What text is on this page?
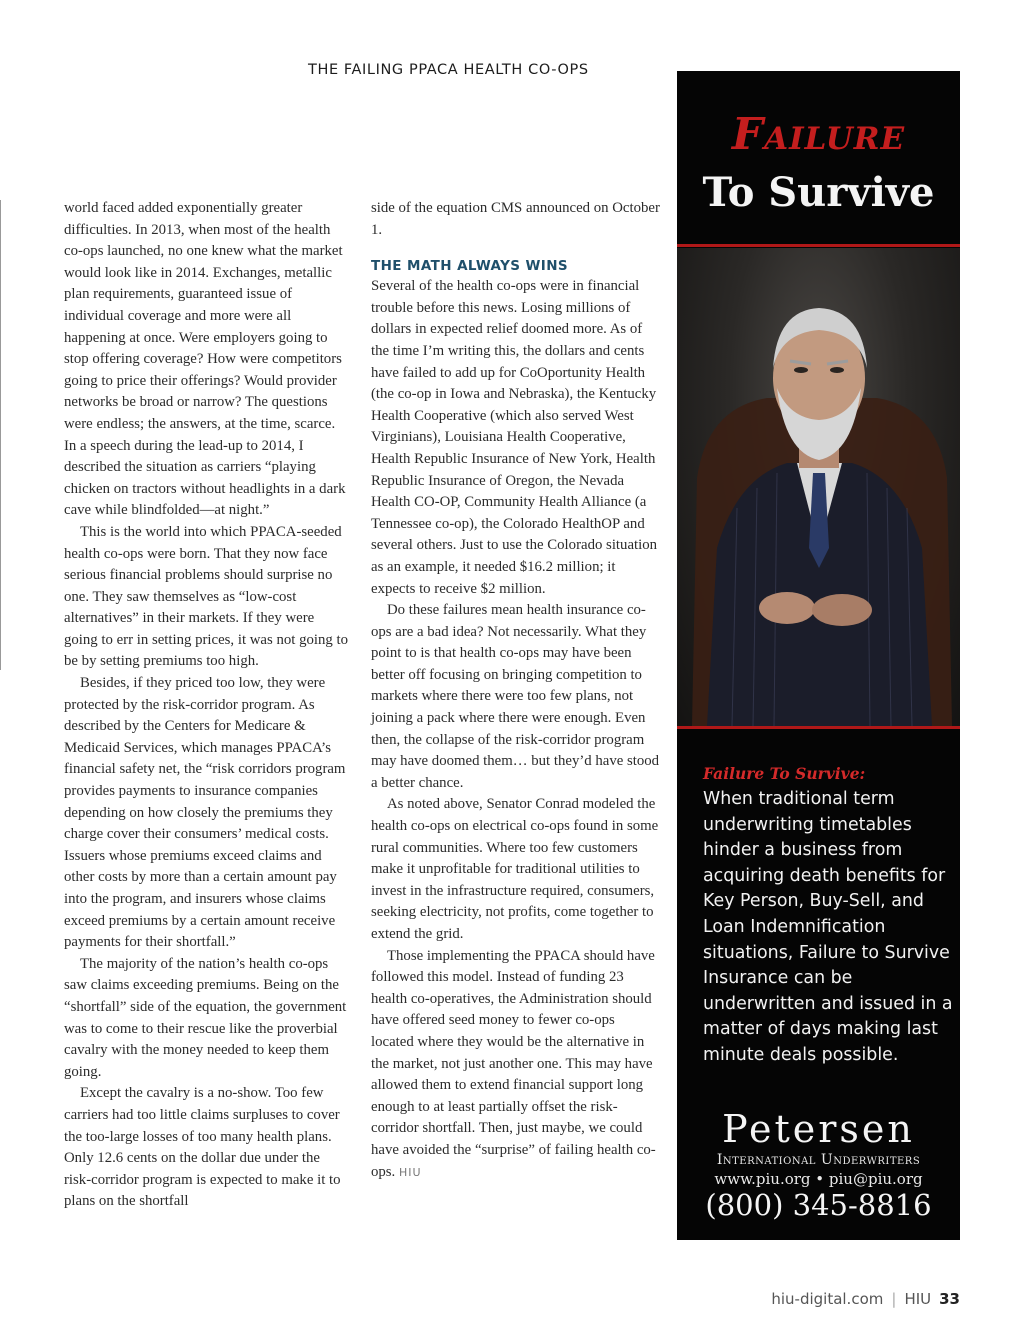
THE FAILING PPACA HEALTH CO-OPS

world faced added exponentially greater difficulties. In 2013, when most of the health co-ops launched, no one knew what the market would look like in 2014. Exchanges, metallic plan requirements, guaranteed issue of individual coverage and more were all happening at once. Were employers going to stop offering coverage? How were competitors going to price their offerings? Would provider networks be broad or narrow? The questions were endless; the answers, at the time, scarce. In a speech during the lead-up to 2014, I described the situation as carriers “playing chicken on tractors without headlights in a dark cave while blindfolded—at night.”

This is the world into which PPACA-seeded health co-ops were born. That they now face serious financial problems should surprise no one. They saw themselves as “low-cost alternatives” in their markets. If they were going to err in setting prices, it was not going to be by setting premiums too high.

Besides, if they priced too low, they were protected by the risk-corridor program. As described by the Centers for Medicare & Medicaid Services, which manages PPACA’s financial safety net, the “risk corridors program provides payments to insurance companies depending on how closely the premiums they charge cover their consumers’ medical costs. Issuers whose premiums exceed claims and other costs by more than a certain amount pay into the program, and insurers whose claims exceed premiums by a certain amount receive payments for their shortfall.”

The majority of the nation’s health co-ops saw claims exceeding premiums. Being on the “shortfall” side of the equation, the government was to come to their rescue like the proverbial cavalry with the money needed to keep them going.

Except the cavalry is a no-show. Too few carriers had too little claims surpluses to cover the too-large losses of too many health plans. Only 12.6 cents on the dollar due under the risk-corridor program is expected to make it to plans on the shortfall

side of the equation CMS announced on October 1.

THE MATH ALWAYS WINS

Several of the health co-ops were in financial trouble before this news. Losing millions of dollars in expected relief doomed more. As of the time I’m writing this, the dollars and cents have failed to add up for CoOportunity Health (the co-op in Iowa and Nebraska), the Kentucky Health Cooperative (which also served West Virginians), Louisiana Health Cooperative, Health Republic Insurance of New York, Health Republic Insurance of Oregon, the Nevada Health CO-OP, Community Health Alliance (a Tennessee co-op), the Colorado HealthOP and several others. Just to use the Colorado situation as an example, it needed $16.2 million; it expects to receive $2 million.

Do these failures mean health insurance co-ops are a bad idea? Not necessarily. What they point to is that health co-ops may have been better off focusing on bringing competition to markets where there were too few plans, not joining a pack where there were enough. Even then, the collapse of the risk-corridor program may have doomed them… but they’d have stood a better chance.

As noted above, Senator Conrad modeled the health co-ops on electrical co-ops found in some rural communities. Where too few customers make it unprofitable for traditional utilities to invest in the infrastructure required, consumers, seeking electricity, not profits, come together to extend the grid.

Those implementing the PPACA should have followed this model. Instead of funding 23 health co-operatives, the Administration should have offered seed money to fewer co-ops located where they would be the alternative in the market, not just another one. This may have allowed them to extend financial support long enough to at least partially offset the risk-corridor shortfall. Then, just maybe, we could have avoided the “surprise” of failing health co-ops. HIU

Failure
To Survive
Failure To Survive:
When traditional term underwriting timetables hinder a business from acquiring death benefits for Key Person, Buy-Sell, and Loan Indemnification situations, Failure to Survive Insurance can be underwritten and issued in a matter of days making last minute deals possible.
Petersen
International Underwriters
www.piu.org • piu@piu.org
(800) 345-8816
hiu-digital.com | HIU 33
